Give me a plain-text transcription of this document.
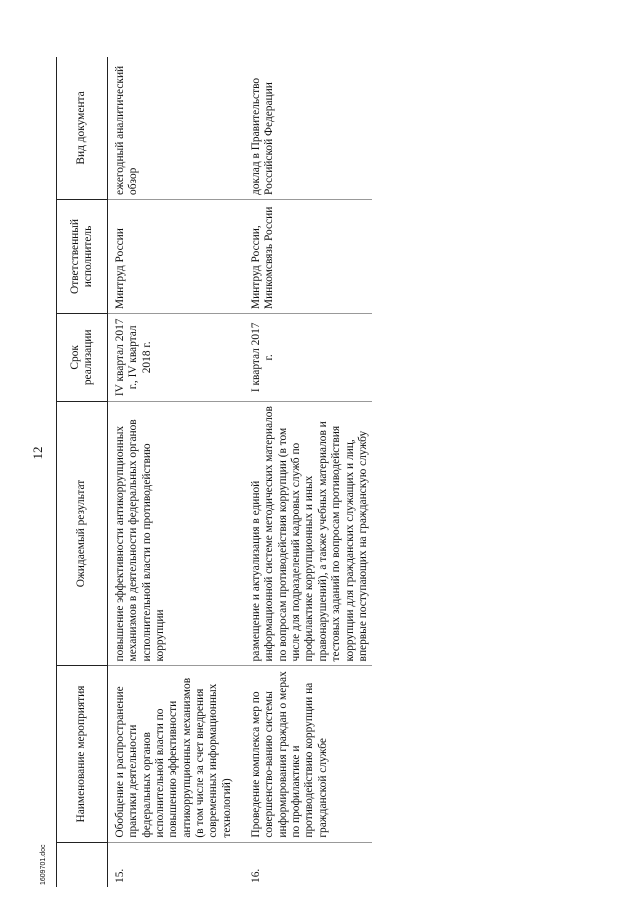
12
	Наименование мероприятия	Ожидаемый результат	Срок реализации	Ответственный исполнитель	Вид документа
15.	Обобщение и распространение практики деятельности федеральных органов исполнительной власти по повышению эффективности антикоррупционных механизмов (в том числе за счет внедрения современных информационных технологий)	повышение эффективности антикоррупционных механизмов в деятельности федеральных органов исполнительной власти по противодействию коррупции	IV квартал 2017 г., IV квартал 2018 г.	Минтруд России	ежегодный аналитический обзор
16.	Проведение комплекса мер по совершенство-ванию системы информирования граждан о мерах по профилактике и противодействию коррупции на гражданской службе	размещение и актуализация в единой информационной системе методических материалов по вопросам противодействия коррупции (в том числе для подразделений кадровых служб по профилактике коррупционных и иных правонарушений), а также учебных материалов и тестовых заданий по вопросам противодействия коррупции для гражданских служащих и лиц, впервые поступающих на гражданскую службу	I квартал 2017 г.	Минтруд России, Минкомсвязь России	доклад в Правительство Российской Федерации
1609701.doc
